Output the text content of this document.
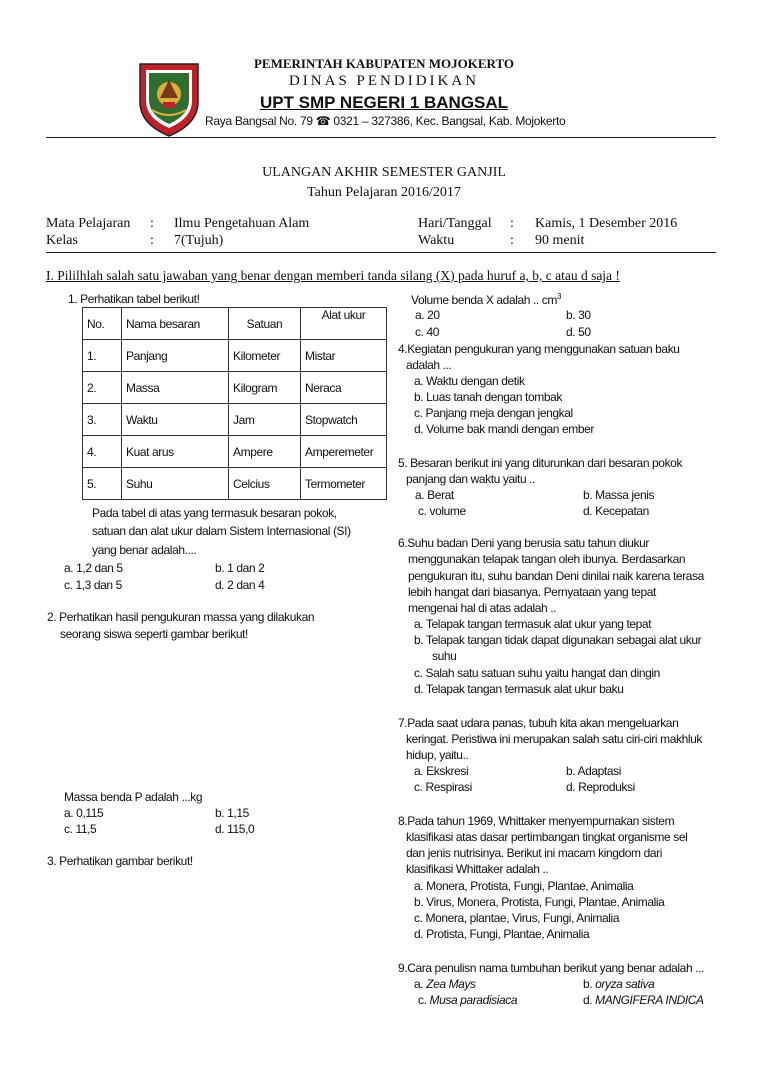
PEMERINTAH KABUPATEN MOJOKERTO
DINAS PENDIDIKAN
UPT SMP NEGERI 1 BANGSAL
Raya Bangsal No. 79 ☎ 0321 – 327386, Kec. Bangsal, Kab. Mojokerto
ULANGAN AKHIR SEMESTER GANJIL
Tahun Pelajaran 2016/2017
Mata Pelajaran : Ilmu Pengetahuan Alam
Kelas	: 7(Tujuh)
Hari/Tanggal : Kamis, 1 Desember 2016
Waktu	: 90 menit
I. Pililhlah salah satu jawaban yang benar dengan memberi tanda silang (X) pada huruf a, b, c atau d saja !
1. Perhatikan tabel berikut!
No.	Nama besaran	Satuan	Alat ukur
1.	Panjang	Kilometer	Mistar
2.	Massa	Kilogram	Neraca
3.	Waktu	Jam	Stopwatch
4.	Kuat arus	Ampere	Amperemeter
5.	Suhu	Celcius	Termometer
Pada tabel di atas yang termasuk besaran pokok,
satuan dan alat ukur dalam Sistem Internasional (SI)
yang benar adalah....
a. 1,2 dan 5	b. 1 dan 2
c. 1,3 dan 5	d. 2 dan 4
2. Perhatikan hasil pengukuran massa yang dilakukan
seorang siswa seperti gambar berikut!
Massa benda P adalah ...kg
a. 0,115	b. 1,15
c. 11,5	d. 115,0
3. Perhatikan gambar berikut!
Volume benda X adalah .. $cm^3$
a. 20	b. 30
c. 40	d. 50
4.Kegiatan pengukuran yang menggunakan satuan baku
adalah ...
a. Waktu dengan detik
b. Luas tanah dengan tombak
c. Panjang meja dengan jengkal
d. Volume bak mandi dengan ember
5. Besaran berikut ini yang diturunkan dari besaran pokok
panjang dan waktu yaitu ..
a. Berat	b. Massa jenis
c. volume	d. Kecepatan
6.Suhu badan Deni yang berusia satu tahun diukur
menggunakan telapak tangan oleh ibunya. Berdasarkan
pengukuran itu, suhu bandan Deni dinilai naik karena terasa
lebih hangat dari biasanya. Pernyataan yang tepat
mengenai hal di atas adalah ..
a. Telapak tangan termasuk alat ukur yang tepat
b. Telapak tangan tidak dapat digunakan sebagai alat ukur
suhu
c. Salah satu satuan suhu yaitu hangat dan dingin
d. Telapak tangan termasuk alat ukur baku
7.Pada saat udara panas, tubuh kita akan mengeluarkan
keringat. Peristiwa ini merupakan salah satu ciri-ciri makhluk
hidup, yaitu..
a. Ekskresi	b. Adaptasi
c. Respirasi	d. Reproduksi
8.Pada tahun 1969, Whittaker menyempurnakan sistem
klasifikasi atas dasar pertimbangan tingkat organisme sel
dan jenis nutrisinya. Berikut ini macam kingdom dari
klasifikasi Whittaker adalah ..
a. Monera, Protista, Fungi, Plantae, Animalia
b. Virus, Monera, Protista, Fungi, Plantae, Animalia
c. Monera, plantae, Virus, Fungi, Animalia
d. Protista, Fungi, Plantae, Animalia
9.Cara penulisn nama tumbuhan berikut yang benar adalah ...
a. Zea Mays	b. oryza sativa
c. Musa paradisiaca	d. MANGIFERA INDICA
